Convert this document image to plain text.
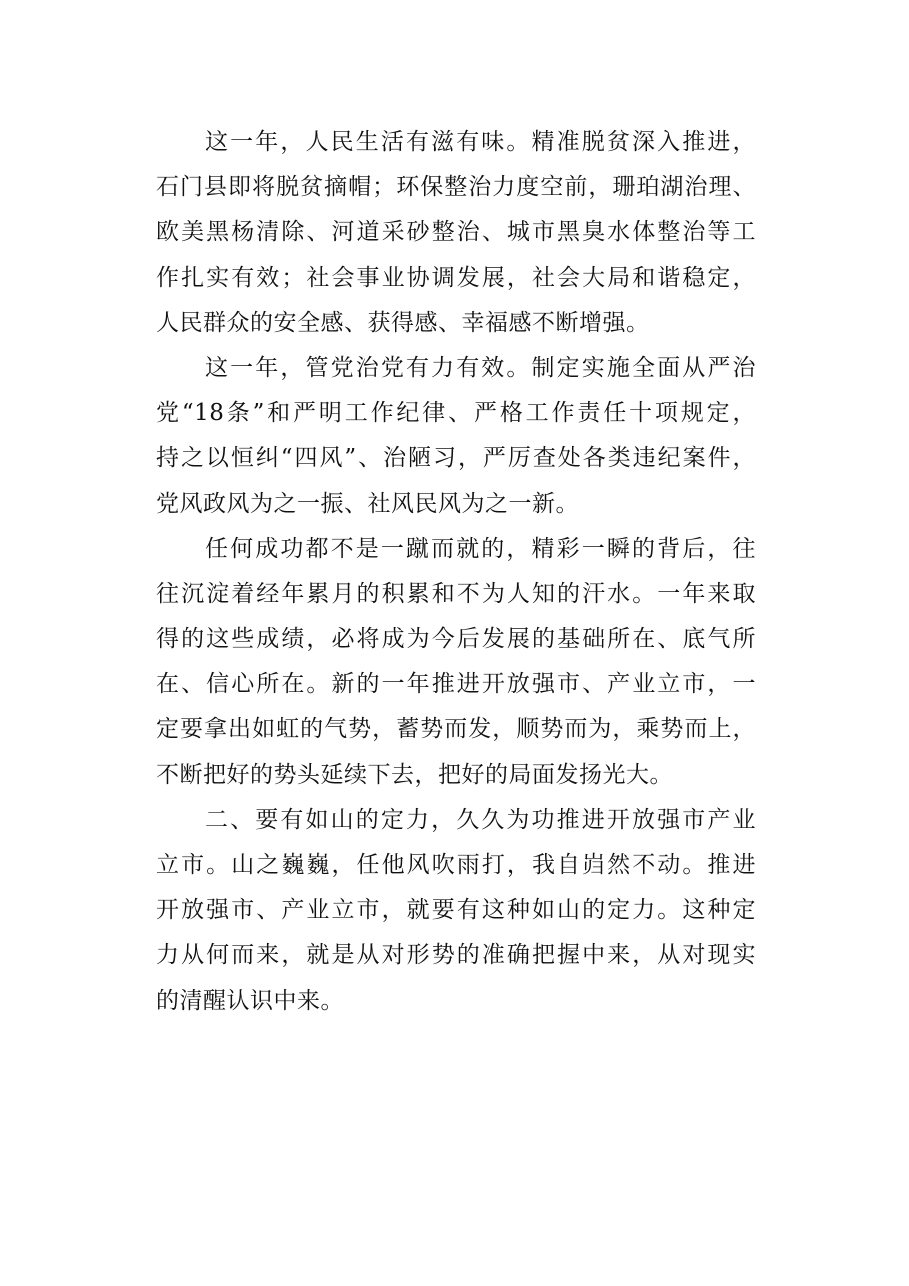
这一年，人民生活有滋有味。精准脱贫深入推进，
石门县即将脱贫摘帽；环保整治力度空前，珊珀湖治理、
欧美黑杨清除、河道采砂整治、城市黑臭水体整治等工
作扎实有效；社会事业协调发展，社会大局和谐稳定，
人民群众的安全感、获得感、幸福感不断增强。
这一年，管党治党有力有效。制定实施全面从严治
党“18条”和严明工作纪律、严格工作责任十项规定，
持之以恒纠“四风”、治陋习，严厉查处各类违纪案件，
党风政风为之一振、社风民风为之一新。
任何成功都不是一蹴而就的，精彩一瞬的背后，往
往沉淀着经年累月的积累和不为人知的汗水。一年来取
得的这些成绩，必将成为今后发展的基础所在、底气所
在、信心所在。新的一年推进开放强市、产业立市，一
定要拿出如虹的气势，蓄势而发，顺势而为，乘势而上，
不断把好的势头延续下去，把好的局面发扬光大。
二、要有如山的定力，久久为功推进开放强市产业
立市。山之巍巍，任他风吹雨打，我自岿然不动。推进
开放强市、产业立市，就要有这种如山的定力。这种定
力从何而来，就是从对形势的准确把握中来，从对现实
的清醒认识中来。
